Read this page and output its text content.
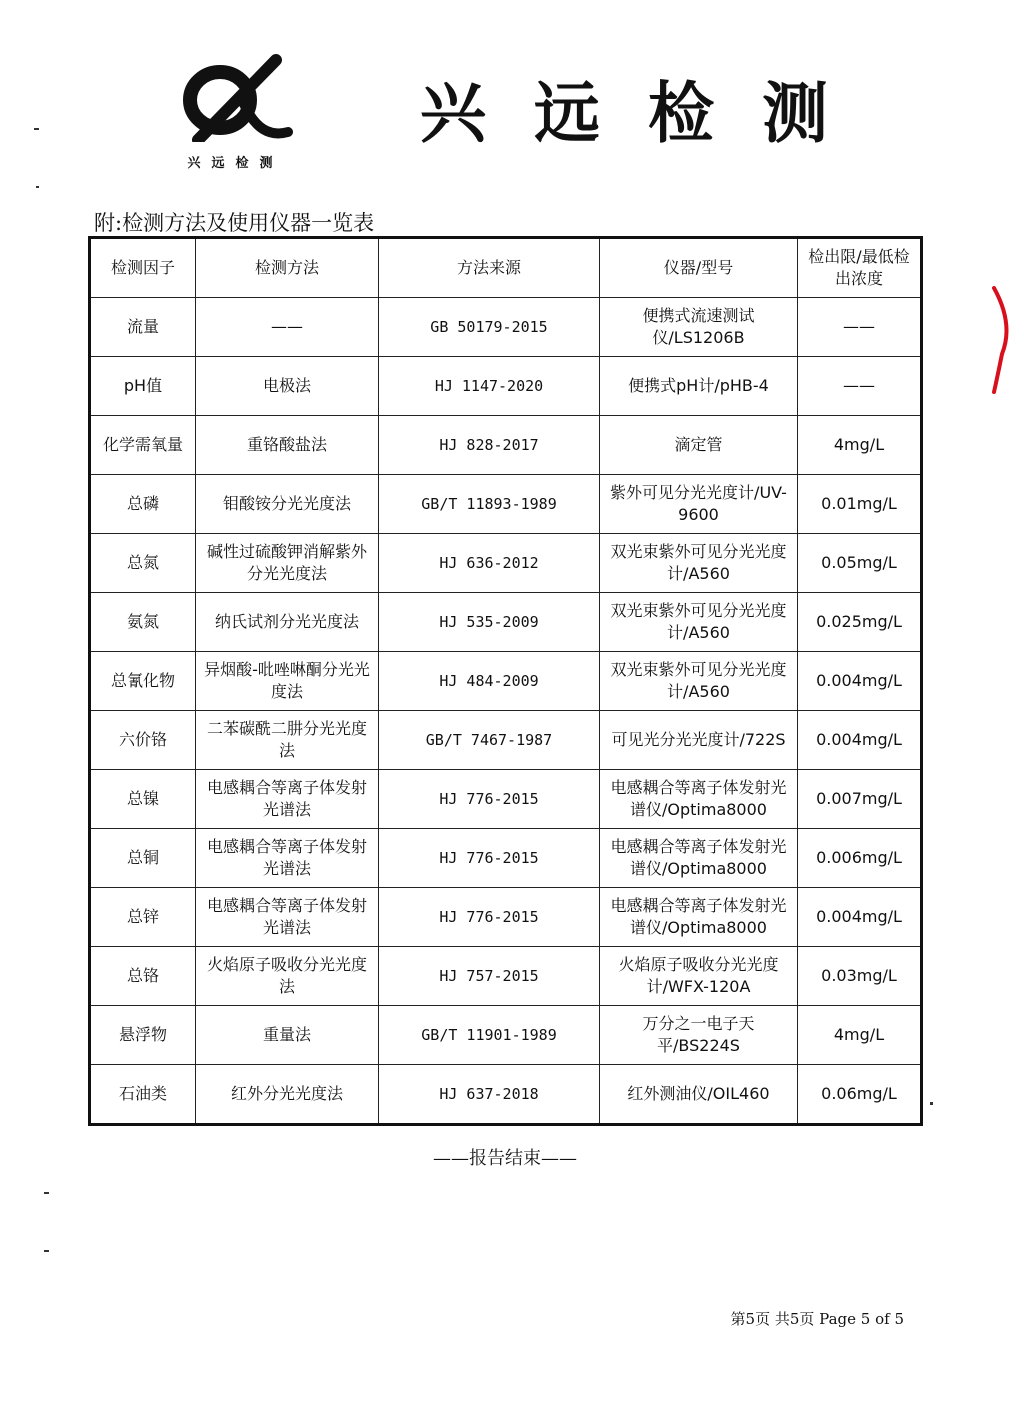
兴远检测
兴远检测
附:检测方法及使用仪器一览表
检测因子	检测方法	方法来源	仪器/型号	检出限/最低检出浓度
流量	——	GB 50179-2015	便携式流速测试仪/LS1206B	——
pH值	电极法	HJ 1147-2020	便携式pH计/pHB-4	——
化学需氧量	重铬酸盐法	HJ 828-2017	滴定管	4mg/L
总磷	钼酸铵分光光度法	GB/T 11893-1989	紫外可见分光光度计/UV-9600	0.01mg/L
总氮	碱性过硫酸钾消解紫外分光光度法	HJ 636-2012	双光束紫外可见分光光度计/A560	0.05mg/L
氨氮	纳氏试剂分光光度法	HJ 535-2009	双光束紫外可见分光光度计/A560	0.025mg/L
总氰化物	异烟酸-吡唑啉酮分光光度法	HJ 484-2009	双光束紫外可见分光光度计/A560	0.004mg/L
六价铬	二苯碳酰二肼分光光度法	GB/T 7467-1987	可见光分光光度计/722S	0.004mg/L
总镍	电感耦合等离子体发射光谱法	HJ 776-2015	电感耦合等离子体发射光谱仪/Optima8000	0.007mg/L
总铜	电感耦合等离子体发射光谱法	HJ 776-2015	电感耦合等离子体发射光谱仪/Optima8000	0.006mg/L
总锌	电感耦合等离子体发射光谱法	HJ 776-2015	电感耦合等离子体发射光谱仪/Optima8000	0.004mg/L
总铬	火焰原子吸收分光光度法	HJ 757-2015	火焰原子吸收分光光度计/WFX-120A	0.03mg/L
悬浮物	重量法	GB/T 11901-1989	万分之一电子天平/BS224S	4mg/L
石油类	红外分光光度法	HJ 637-2018	红外测油仪/OIL460	0.06mg/L
——报告结束——
第5页 共5页 Page 5 of 5
